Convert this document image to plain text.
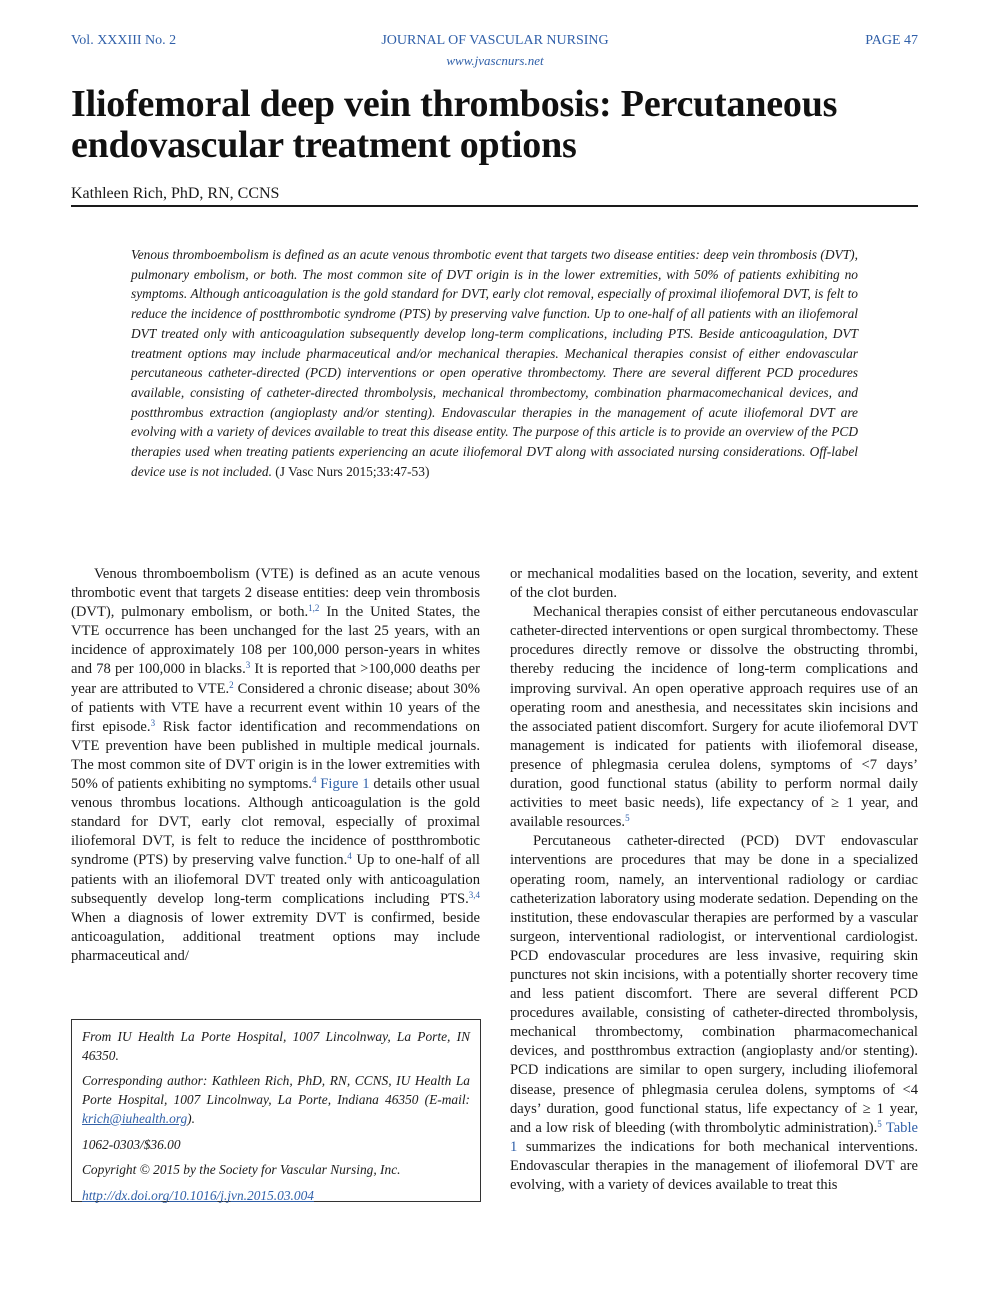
Vol. XXXIII No. 2	JOURNAL OF VASCULAR NURSING	PAGE 47
www.jvascnurs.net
Iliofemoral deep vein thrombosis: Percutaneous endovascular treatment options
Kathleen Rich, PhD, RN, CCNS
Venous thromboembolism is defined as an acute venous thrombotic event that targets two disease entities: deep vein thrombosis (DVT), pulmonary embolism, or both. The most common site of DVT origin is in the lower extremities, with 50% of patients exhibiting no symptoms. Although anticoagulation is the gold standard for DVT, early clot removal, especially of proximal iliofemoral DVT, is felt to reduce the incidence of postthrombotic syndrome (PTS) by preserving valve function. Up to one-half of all patients with an iliofemoral DVT treated only with anticoagulation subsequently develop long-term complications, including PTS. Beside anticoagulation, DVT treatment options may include pharmaceutical and/or mechanical therapies. Mechanical therapies consist of either endovascular percutaneous catheter-directed (PCD) interventions or open operative thrombectomy. There are several different PCD procedures available, consisting of catheter-directed thrombolysis, mechanical thrombectomy, combination pharmacomechanical devices, and postthrombus extraction (angioplasty and/or stenting). Endovascular therapies in the management of acute iliofemoral DVT are evolving with a variety of devices available to treat this disease entity. The purpose of this article is to provide an overview of the PCD therapies used when treating patients experiencing an acute iliofemoral DVT along with associated nursing considerations. Off-label device use is not included. (J Vasc Nurs 2015;33:47-53)

Venous thromboembolism (VTE) is defined as an acute venous thrombotic event that targets 2 disease entities: deep vein thrombosis (DVT), pulmonary embolism, or both.$^{1,2}$ In the United States, the VTE occurrence has been unchanged for the last 25 years, with an incidence of approximately 108 per 100,000 person-years in whites and 78 per 100,000 in blacks.$^3$ It is reported that >100,000 deaths per year are attributed to VTE.$^2$ Considered a chronic disease; about 30% of patients with VTE have a recurrent event within 10 years of the first episode.$^3$ Risk factor identification and recommendations on VTE prevention have been published in multiple medical journals. The most common site of DVT origin is in the lower extremities with 50% of patients exhibiting no symptoms.$^4$ Figure 1 details other usual venous thrombus locations. Although anticoagulation is the gold standard for DVT, early clot removal, especially of proximal iliofemoral DVT, is felt to reduce the incidence of postthrombotic syndrome (PTS) by preserving valve function.$^4$ Up to one-half of all patients with an iliofemoral DVT treated only with anticoagulation subsequently develop long-term complications including PTS.$^{3,4}$ When a diagnosis of lower extremity DVT is confirmed, beside anticoagulation, additional treatment options may include pharmaceutical and/

From IU Health La Porte Hospital, 1007 Lincolnway, La Porte, IN 46350.

Corresponding author: Kathleen Rich, PhD, RN, CCNS, IU Health La Porte Hospital, 1007 Lincolnway, La Porte, Indiana 46350 (E-mail: krich@iuhealth.org).

1062-0303/$36.00

Copyright © 2015 by the Society for Vascular Nursing, Inc.

http://dx.doi.org/10.1016/j.jvn.2015.03.004

or mechanical modalities based on the location, severity, and extent of the clot burden.

Mechanical therapies consist of either percutaneous endovascular catheter-directed interventions or open surgical thrombectomy. These procedures directly remove or dissolve the obstructing thrombi, thereby reducing the incidence of long-term complications and improving survival. An open operative approach requires use of an operating room and anesthesia, and necessitates skin incisions and the associated patient discomfort. Surgery for acute iliofemoral DVT management is indicated for patients with iliofemoral disease, presence of phlegmasia cerulea dolens, symptoms of <7 days’ duration, good functional status (ability to perform normal daily activities to meet basic needs), life expectancy of ≥ 1 year, and available resources.$^5$

Percutaneous catheter-directed (PCD) DVT endovascular interventions are procedures that may be done in a specialized operating room, namely, an interventional radiology or cardiac catheterization laboratory using moderate sedation. Depending on the institution, these endovascular therapies are performed by a vascular surgeon, interventional radiologist, or interventional cardiologist. PCD endovascular procedures are less invasive, requiring skin punctures not skin incisions, with a potentially shorter recovery time and less patient discomfort. There are several different PCD procedures available, consisting of catheter-directed thrombolysis, mechanical thrombectomy, combination pharmacomechanical devices, and postthrombus extraction (angioplasty and/or stenting). PCD indications are similar to open surgery, including iliofemoral disease, presence of phlegmasia cerulea dolens, symptoms of <4 days’ duration, good functional status, life expectancy of ≥ 1 year, and a low risk of bleeding (with thrombolytic administration).$^5$ Table 1 summarizes the indications for both mechanical interventions. Endovascular therapies in the management of iliofemoral DVT are evolving, with a variety of devices available to treat this
